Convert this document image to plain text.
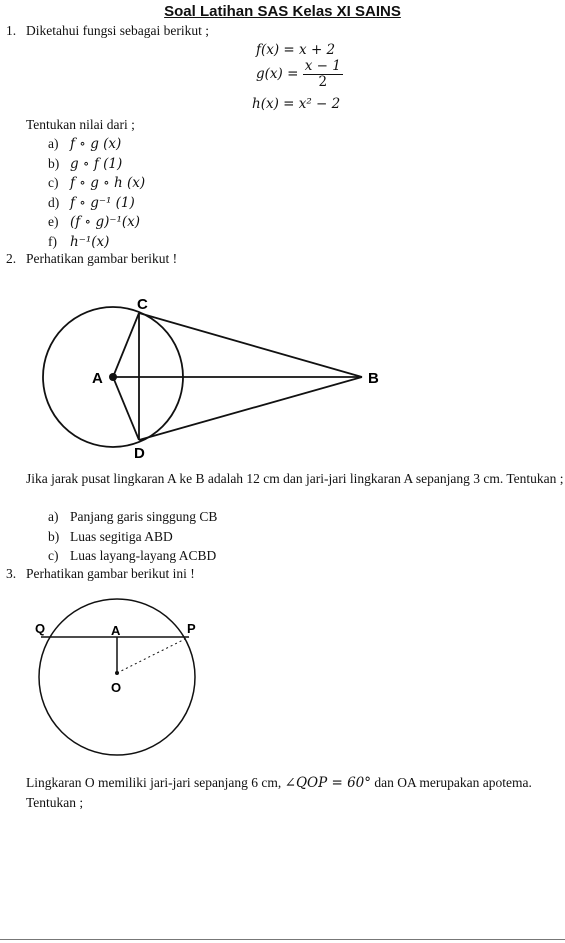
Soal Latihan SAS Kelas XI SAINS
1. Diketahui fungsi sebagai berikut ;
f(x) = x + 2
$g(x) = \frac{x - 1}{2}$
h(x) = x² − 2
Tentukan nilai dari ;
a) f ∘ g (x)
b) g ∘ f (1)
c) f ∘ g ∘ h (x)
d) f ∘ g⁻¹ (1)
e) (f ∘ g)⁻¹(x)
f) h⁻¹(x)
2. Perhatikan gambar berikut !
C
A	B
D
Q	A	P
O
Jika jarak pusat lingkaran A ke B adalah 12 cm dan jari-jari lingkaran A sepanjang 3 cm. Tentukan ;
a) Panjang garis singgung CB
b) Luas segitiga ABD
c) Luas layang-layang ACBD
3. Perhatikan gambar berikut ini !
Lingkaran O memiliki jari-jari sepanjang 6 cm, ∠QOP = 60° dan OA merupakan apotema. Tentukan ;
